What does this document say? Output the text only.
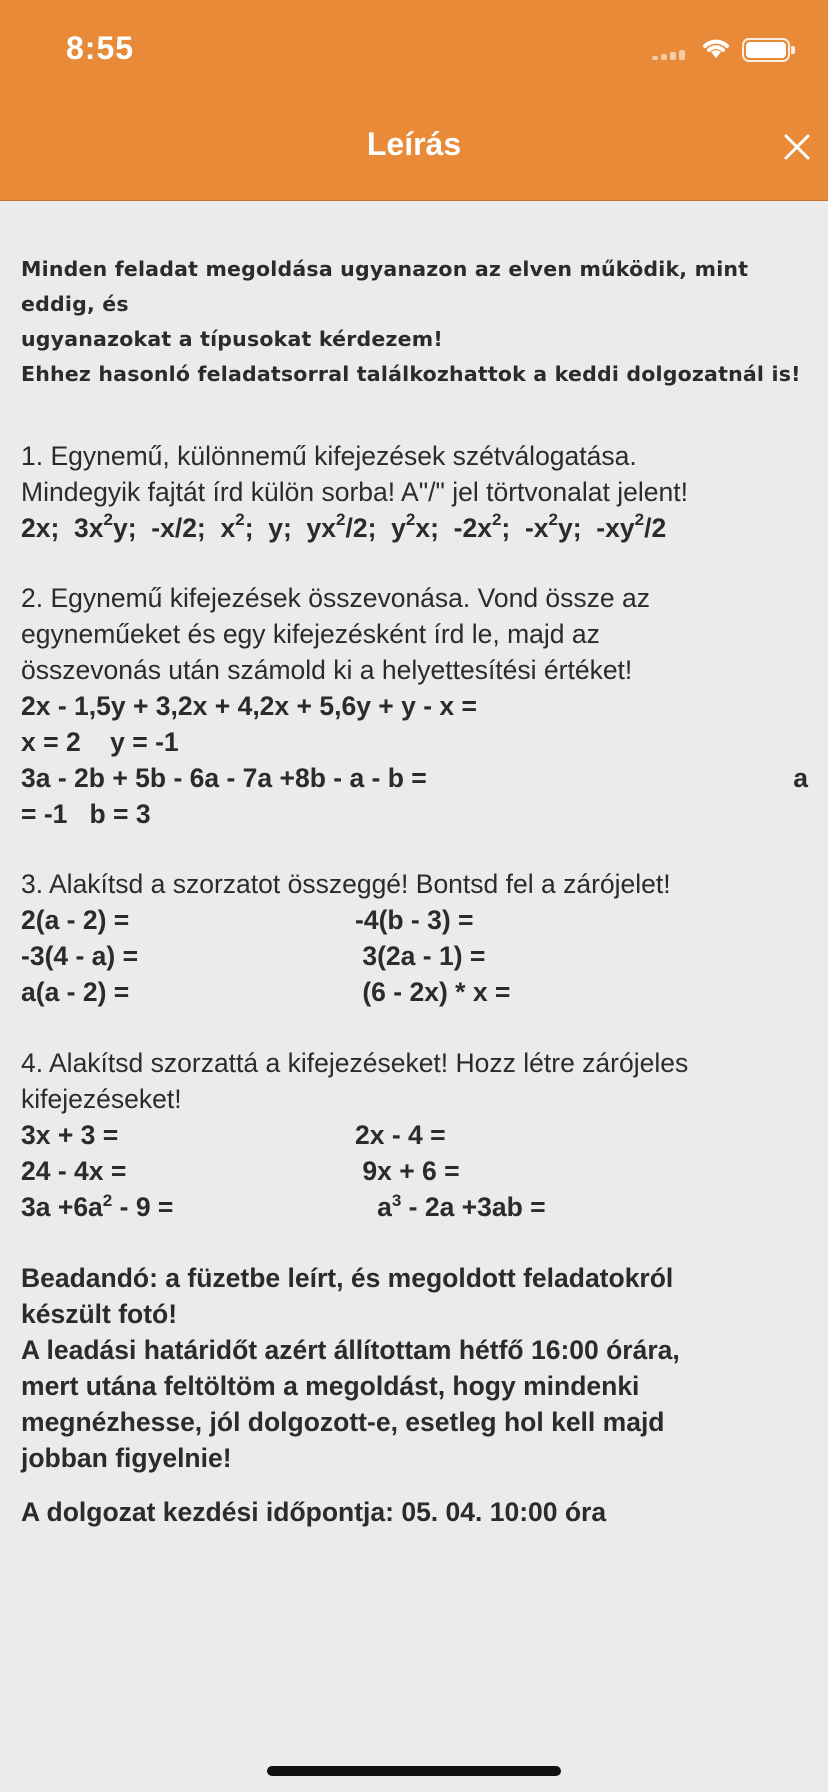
8:55
Leírás

Minden feladat megoldása ugyanazon az elven működik, mint eddig, és

ugyanazokat a típusokat kérdezem!

Ehhez hasonló feladatsorral találkozhattok a keddi dolgozatnál is!

1. Egynemű, különnemű kifejezések szétválogatása.

Mindegyik fajtát írd külön sorba! A"/" jel törtvonalat jelent!

2x;  $3x^2y$;  -x/2;  $x^2$;  y;  $yx^2/2$;  $y^2x$;  $-2x^2$;  $-x^2y$;  $-xy^2/2$

2. Egynemű kifejezések összevonása. Vond össze az

egyneműeket és egy kifejezésként írd le, majd az

összevonás után számold ki a helyettesítési értéket!

2x - 1,5y + 3,2x + 4,2x + 5,6y + y - x =

x = 2    y = -1

3a - 2b + 5b - 6a - 7a +8b - a - b =	a

= -1   b = 3

3. Alakítsd a szorzatot összeggé! Bontsd fel a zárójelet!

2(a - 2) =	-4(b - 3) =
-3(4 - a) =	3(2a - 1) =
a(a - 2) =	(6 - 2x) * x =

4. Alakítsd szorzattá a kifejezéseket! Hozz létre zárójeles

kifejezéseket!

3x + 3 =	2x - 4 =
24 - 4x =	9x + 6 =
$3a +6a^2 - 9$ =	$a^3 - 2a +3ab$ =

Beadandó: a füzetbe leírt, és megoldott feladatokról

készült fotó!

A leadási határidőt azért állítottam hétfő 16:00 órára,

mert utána feltöltöm a megoldást, hogy mindenki

megnézhesse, jól dolgozott-e, esetleg hol kell majd

jobban figyelnie!

A dolgozat kezdési időpontja: 05. 04. 10:00 óra
